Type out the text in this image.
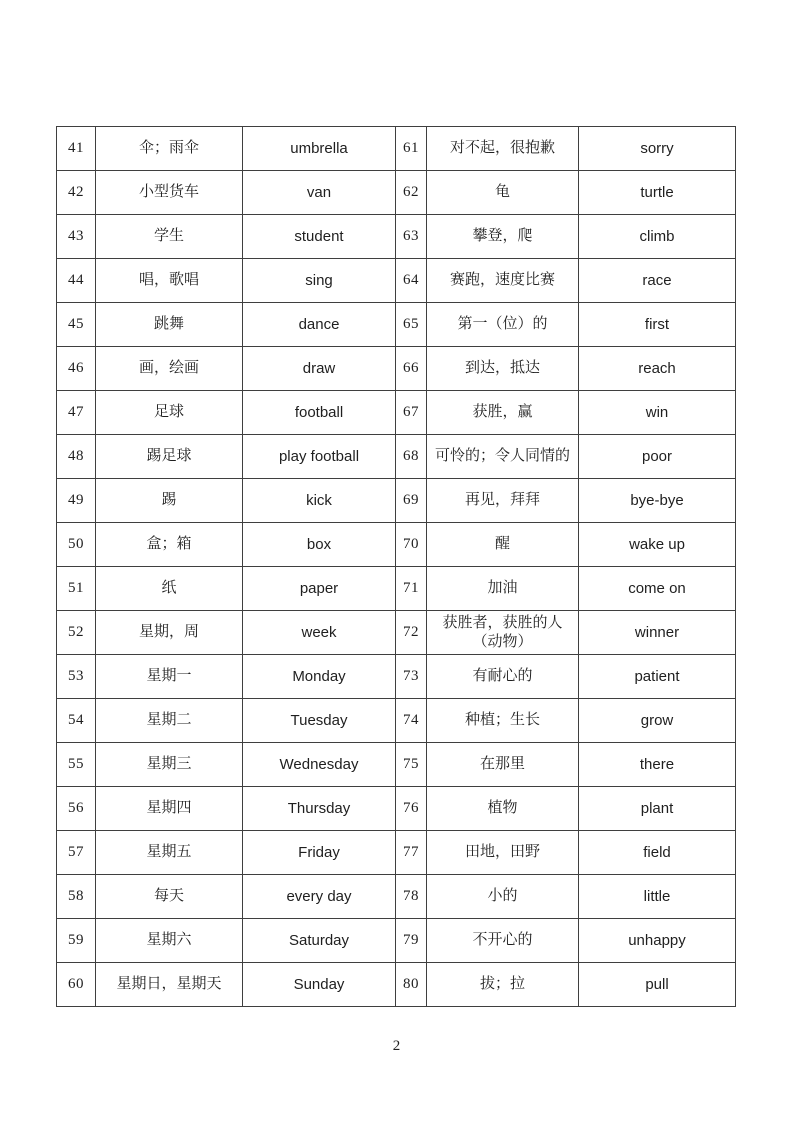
41	伞；雨伞	umbrella	61	对不起，很抱歉	sorry
42	小型货车	van	62	龟	turtle
43	学生	student	63	攀登，爬	climb
44	唱，歌唱	sing	64	赛跑，速度比赛	race
45	跳舞	dance	65	第一（位）的	first
46	画，绘画	draw	66	到达，抵达	reach
47	足球	football	67	获胜，赢	win
48	踢足球	play football	68	可怜的；令人同情的	poor
49	踢	kick	69	再见，拜拜	bye-bye
50	盒；箱	box	70	醒	wake up
51	纸	paper	71	加油	come on
52	星期，周	week	72	获胜者，获胜的人（动物）	winner
53	星期一	Monday	73	有耐心的	patient
54	星期二	Tuesday	74	种植；生长	grow
55	星期三	Wednesday	75	在那里	there
56	星期四	Thursday	76	植物	plant
57	星期五	Friday	77	田地，田野	field
58	每天	every day	78	小的	little
59	星期六	Saturday	79	不开心的	unhappy
60	星期日，星期天	Sunday	80	拔；拉	pull
2
